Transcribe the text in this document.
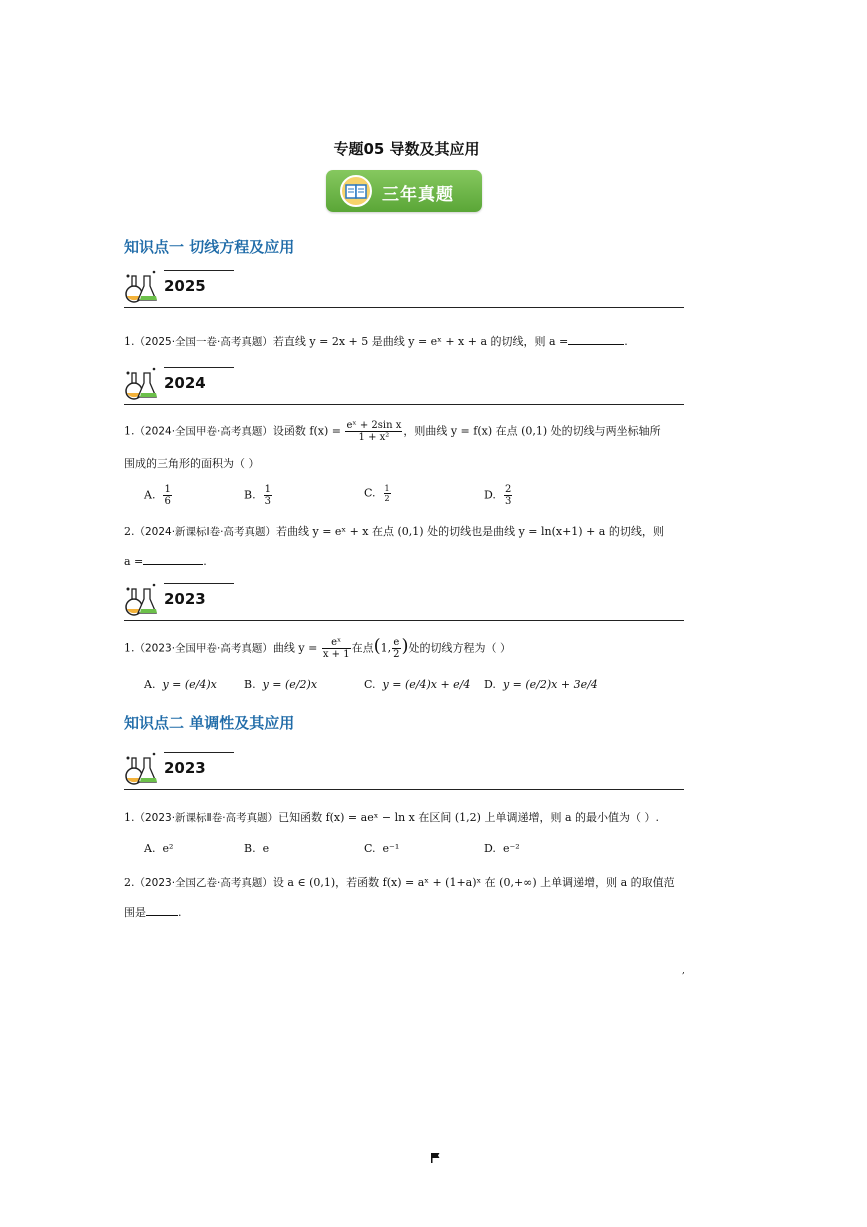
专题05 导数及其应用
三年真题
知识点一 切线方程及应用
2025
1.（2025·全国一卷·高考真题）若直线 y = 2x + 5 是曲线 y = eˣ + x + a 的切线，则 a =	.
2024
1.（2024·全国甲卷·高考真题）设函数 $f(x) = \frac{\text{eˣ + 2sin x}}{\text{1 + x²}}$ ，则曲线 y = f(x) 在点 (0,1) 处的切线与两坐标轴所
围成的三角形的面积为（ ）
A. $\frac{1}{6}$	B. $\frac{1}{3}$	C. $\frac{1}{2}$	D. $\frac{2}{3}$
2.（2024·新课标Ⅰ卷·高考真题）若曲线 y = eˣ + x 在点 (0,1) 处的切线也是曲线 y = ln(x+1) + a 的切线，则
a =	.
2023
1.（2023·全国甲卷·高考真题）曲线 $y = \frac{\text{eˣ}}{x + 1}$ 在点(1, $\frac{e}{2}$ )处的切线方程为（ ）
A. y = (e/4)x B. y = (e/2)x	C. y = (e/4)x + e/4 D. y = (e/2)x + 3e/4
知识点二 单调性及其应用
2023
1.（2023·新课标Ⅱ卷·高考真题）已知函数 f(x) = aeˣ − ln x 在区间 (1,2) 上单调递增，则 a 的最小值为（ ）.
A. e²	B. e	C. e⁻¹	D. e⁻²
2.（2023·全国乙卷·高考真题）设 a ∈ (0,1)，若函数 f(x) = aˣ + (1+a)ˣ 在 (0,+∞) 上单调递增，则 a 的取值范
围是	.
,
